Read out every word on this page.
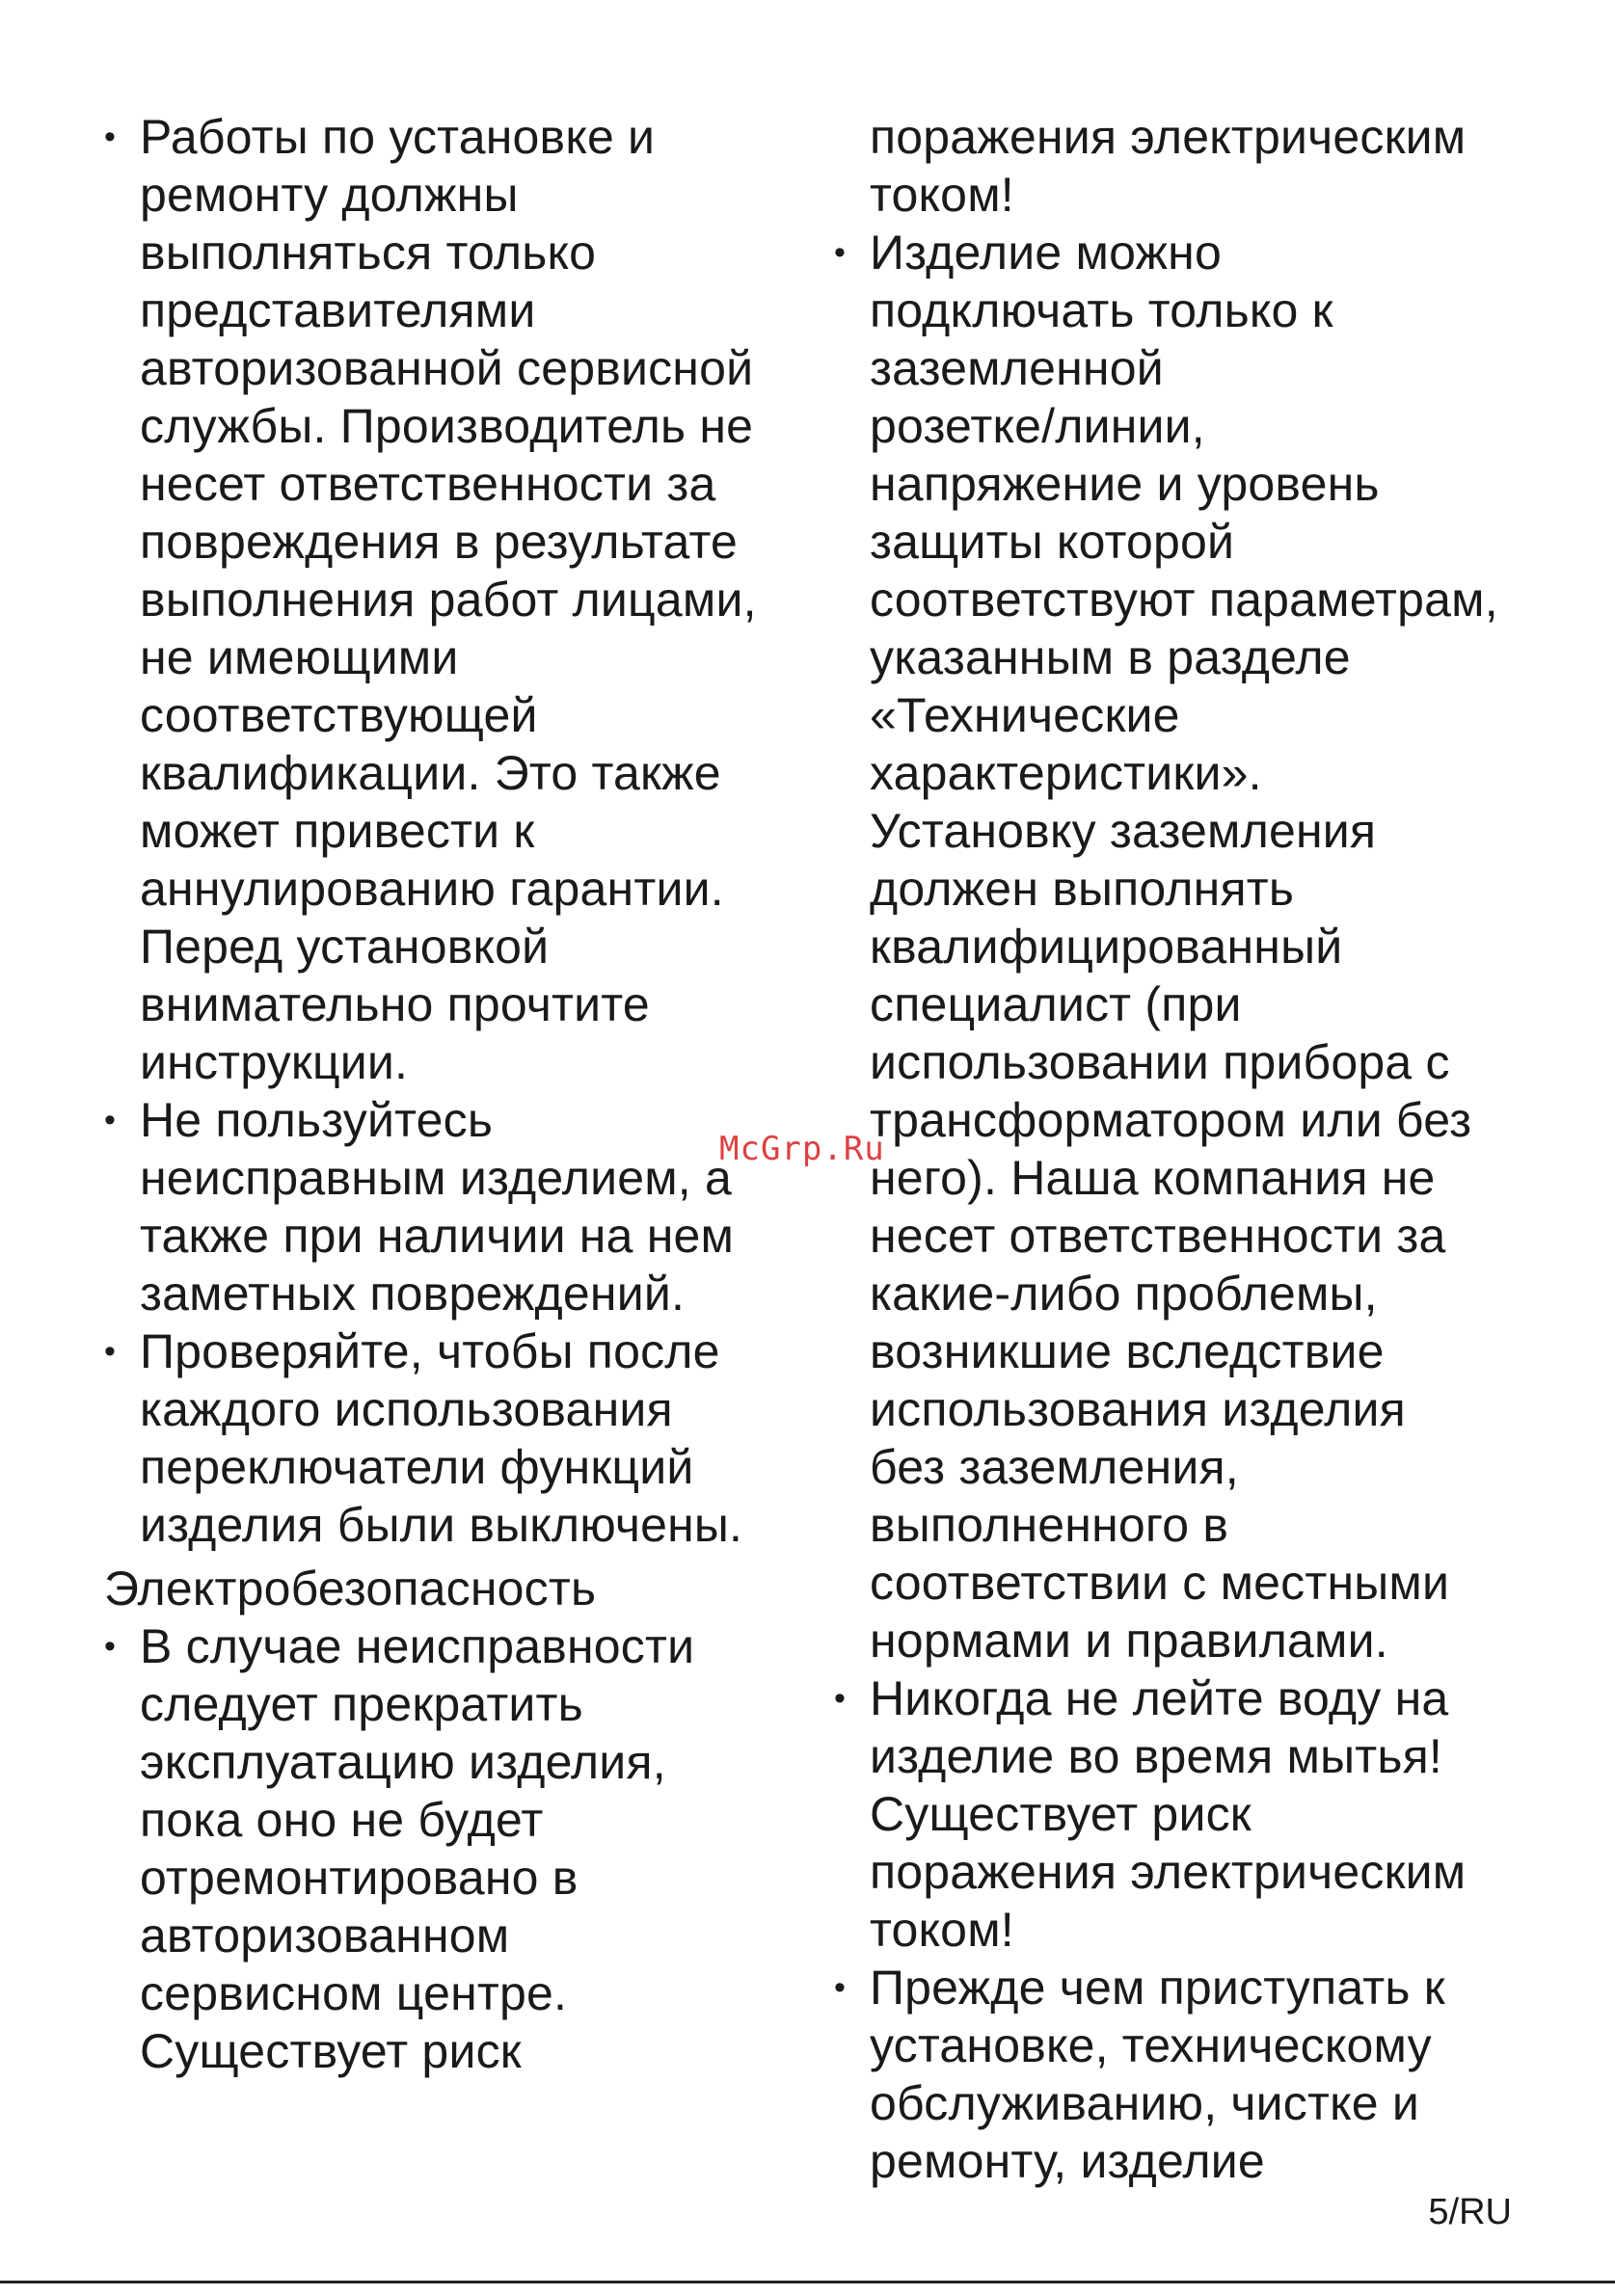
• Работы по установке и
ремонту должны
выполняться только
представителями
авторизованной сервисной
службы. Производитель не
несет ответственности за
повреждения в результате
выполнения работ лицами,
не имеющими
соответствующей
квалификации. Это также
может привести к
аннулированию гарантии.
Перед установкой
внимательно прочтите
инструкции.
• Не пользуйтесь
неисправным изделием, а
также при наличии на нем
заметных повреждений.
• Проверяйте, чтобы после
каждого использования
переключатели функций
изделия были выключены.
Электробезопасность
• В случае неисправности
следует прекратить
эксплуатацию изделия,
пока оно не будет
отремонтировано в
авторизованном
сервисном центре.
Существует риск
поражения электрическим
током!
• Изделие можно
подключать только к
заземленной
розетке/линии,
напряжение и уровень
защиты которой
соответствуют параметрам,
указанным в разделе
«Технические
характеристики».
Установку заземления
должен выполнять
квалифицированный
специалист (при
использовании прибора с
трансформатором или без
него). Наша компания не
несет ответственности за
какие-либо проблемы,
возникшие вследствие
использования изделия
без заземления,
выполненного в
соответствии с местными
нормами и правилами.
• Никогда не лейте воду на
изделие во время мытья!
Существует риск
поражения электрическим
током!
• Прежде чем приступать к
установке, техническому
обслуживанию, чистке и
ремонту, изделие
McGrp.Ru
5/RU
